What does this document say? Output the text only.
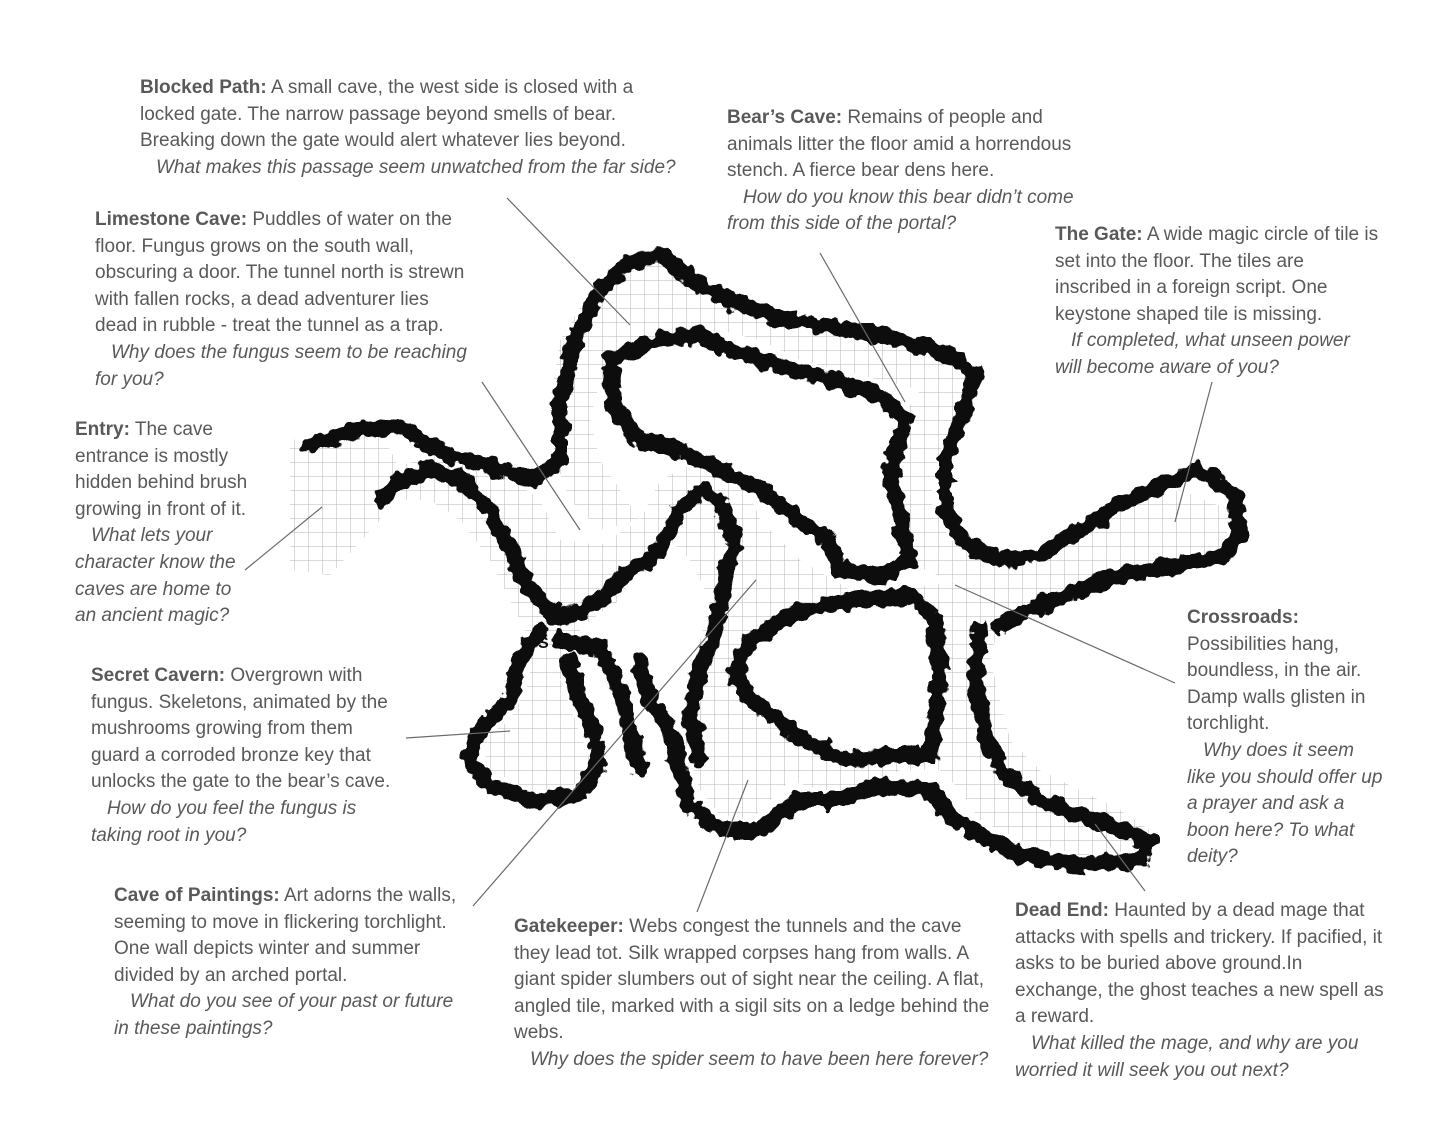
S

Blocked Path: A small cave, the west side is closed with a locked gate. The narrow passage beyond smells of bear. Breaking down the gate would alert whatever lies beyond.
What makes this passage seem unwatched from the far side?

Bear’s Cave: Remains of people and animals litter the floor amid a horrendous stench. A fierce bear dens here.
How do you know this bear didn’t come from this side of the portal?

Limestone Cave: Puddles of water on the floor. Fungus grows on the south wall, obscuring a door. The tunnel north is strewn with fallen rocks, a dead adventurer lies dead in rubble - treat the tunnel as a trap.
Why does the fungus seem to be reaching for you?

The Gate: A wide magic circle of tile is set into the floor. The tiles are inscribed in a foreign script. One keystone shaped tile is missing.
If completed, what unseen power will become aware of you?

Entry: The cave entrance is mostly hidden behind brush growing in front of it.
What lets your character know the caves are home to an ancient magic?	Crossroads: Possibilities hang, boundless, in the air. Damp walls glisten in torchlight.
Why does it seem like you should offer up a prayer and ask a boon here? To what deity?

Secret Cavern: Overgrown with fungus. Skeletons, animated by the mushrooms growing from them guard a corroded bronze key that unlocks the gate to the bear’s cave.
How do you feel the fungus is taking root in you?

Cave of Paintings: Art adorns the walls, seeming to move in flickering torchlight. One wall depicts winter and summer divided by an arched portal.
What do you see of your past or future in these paintings?

Gatekeeper: Webs congest the tunnels and the cave they lead tot. Silk wrapped corpses hang from walls. A giant spider slumbers out of sight near the ceiling. A flat, angled tile, marked with a sigil sits on a ledge behind the webs.
Why does the spider seem to have been here forever?

Dead End: Haunted by a dead mage that attacks with spells and trickery. If pacified, it asks to be buried above ground.In exchange, the ghost teaches a new spell as a reward.
What killed the mage, and why are you worried it will seek you out next?
